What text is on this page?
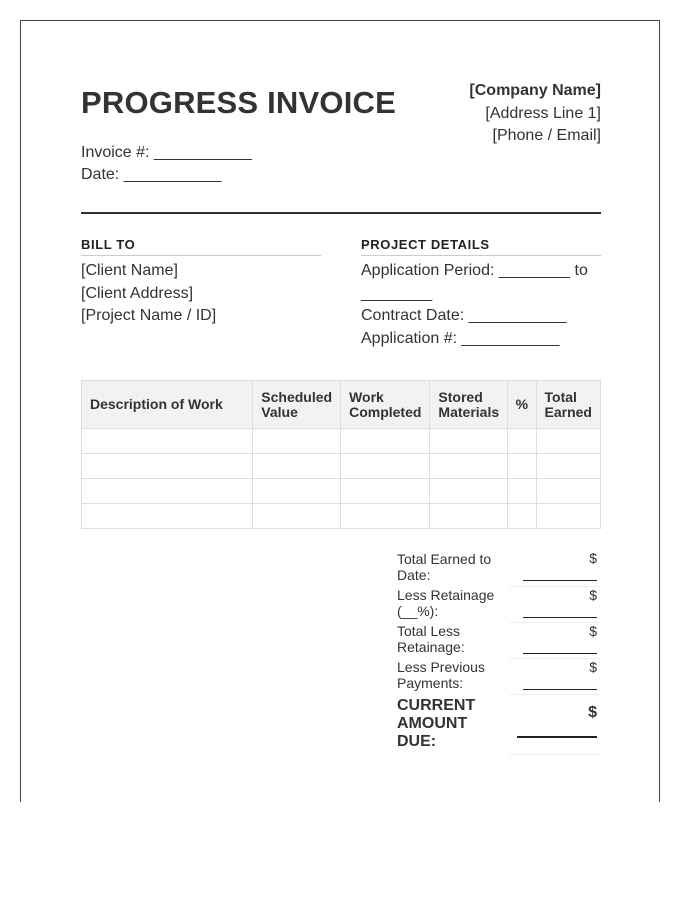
PROGRESS INVOICE	[Company Name]
[Address Line 1]
[Phone / Email]
Invoice #: ___________
Date: ___________
BILL TO	PROJECT DETAILS
[Client Name]
[Client Address]
[Project Name / ID]
Application Period: ________ to ________
Contract Date: ___________
Application #: ___________
Description of Work	Scheduled Value	Work Completed	Stored Materials	%	Total Earned

Total Earned to Date:	$

Less Retainage (__%):	$

Total Less Retainage:	$

Less Previous Payments:	$

CURRENT AMOUNT DUE:	$
